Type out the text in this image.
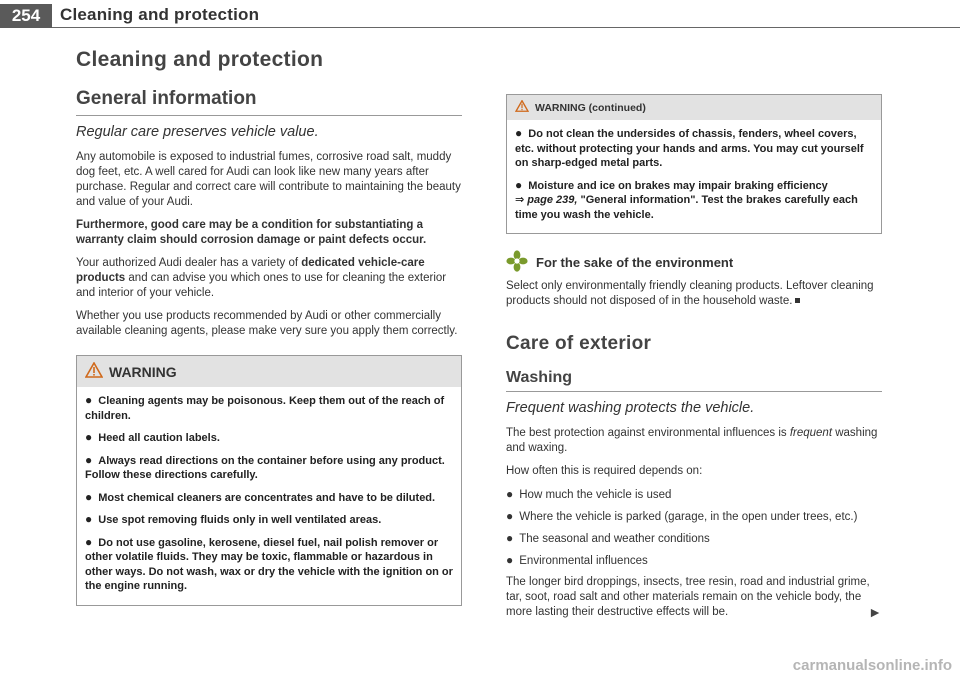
254	Cleaning and protection
Cleaning and protection
General information
Regular care preserves vehicle value.

Any automobile is exposed to industrial fumes, corrosive road salt, muddy dog feet, etc. A well cared for Audi can look like new many years after purchase. Regular and correct care will contribute to maintaining the beauty and value of your Audi.

Furthermore, good care may be a condition for substantiating a warranty claim should corrosion damage or paint defects occur.

Your authorized Audi dealer has a variety of dedicated vehicle-care products and can advise you which ones to use for cleaning the exterior and interior of your vehicle.

Whether you use products recommended by Audi or other commercially available cleaning agents, please make very sure you apply them correctly.

WARNING
● Cleaning agents may be poisonous. Keep them out of the reach of children.
● Heed all caution labels.
● Always read directions on the container before using any product. Follow these directions carefully.
● Most chemical cleaners are concentrates and have to be diluted.
● Use spot removing fluids only in well ventilated areas.
● Do not use gasoline, kerosene, diesel fuel, nail polish remover or other volatile fluids. They may be toxic, flammable or hazardous in other ways. Do not wash, wax or dry the vehicle with the ignition on or the engine running.
WARNING (continued)
● Do not clean the undersides of chassis, fenders, wheel covers, etc. without protecting your hands and arms. You may cut yourself on sharp-edged metal parts.
● Moisture and ice on brakes may impair braking efficiency
⇒ page 239, "General information". Test the brakes carefully each time you wash the vehicle.
For the sake of the environment

Select only environmentally friendly cleaning products. Leftover cleaning products should not disposed of in the household waste.

Care of exterior
Washing
Frequent washing protects the vehicle.

The best protection against environmental influences is frequent washing and waxing.

How often this is required depends on:

● How much the vehicle is used
● Where the vehicle is parked (garage, in the open under trees, etc.)
● The seasonal and weather conditions
● Environmental influences

The longer bird droppings, insects, tree resin, road and industrial grime, tar, soot, road salt and other materials remain on the vehicle body, the more lasting their destructive effects will be.	►

carmanualsonline.info
